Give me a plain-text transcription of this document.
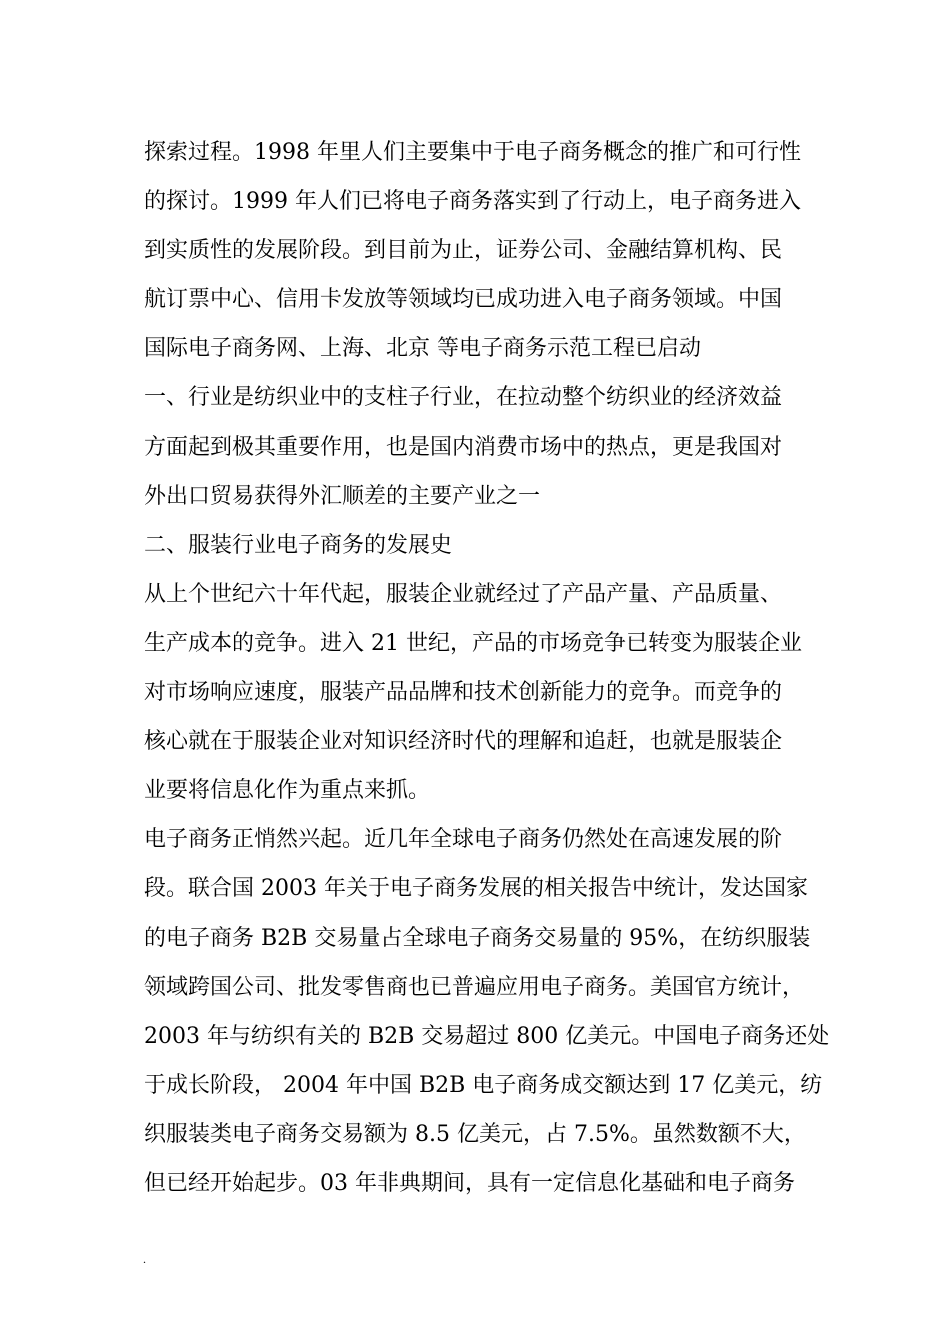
探索过程。1998 年里人们主要集中于电子商务概念的推广和可行性
的探讨。1999 年人们已将电子商务落实到了行动上，电子商务进入
到实质性的发展阶段。到目前为止，证券公司、金融结算机构、民
航订票中心、信用卡发放等领域均已成功进入电子商务领域。中国
国际电子商务网、上海、北京 等电子商务示范工程已启动
一、行业是纺织业中的支柱子行业，在拉动整个纺织业的经济效益
方面起到极其重要作用，也是国内消费市场中的热点，更是我国对
外出口贸易获得外汇顺差的主要产业之一
二、服装行业电子商务的发展史
从上个世纪六十年代起，服装企业就经过了产品产量、产品质量、
生产成本的竞争。进入 21 世纪，产品的市场竞争已转变为服装企业
对市场响应速度，服装产品品牌和技术创新能力的竞争。而竞争的
核心就在于服装企业对知识经济时代的理解和追赶，也就是服装企
业要将信息化作为重点来抓。
电子商务正悄然兴起。近几年全球电子商务仍然处在高速发展的阶
段。联合国 2003 年关于电子商务发展的相关报告中统计，发达国家
的电子商务 B2B 交易量占全球电子商务交易量的 95%，在纺织服装
领域跨国公司、批发零售商也已普遍应用电子商务。美国官方统计，
2003 年与纺织有关的 B2B 交易超过 800 亿美元。中国电子商务还处
于成长阶段， 2004 年中国 B2B 电子商务成交额达到 17 亿美元，纺
织服装类电子商务交易额为 8.5 亿美元，占 7.5%。虽然数额不大，
但已经开始起步。03 年非典期间，具有一定信息化基础和电子商务
.
